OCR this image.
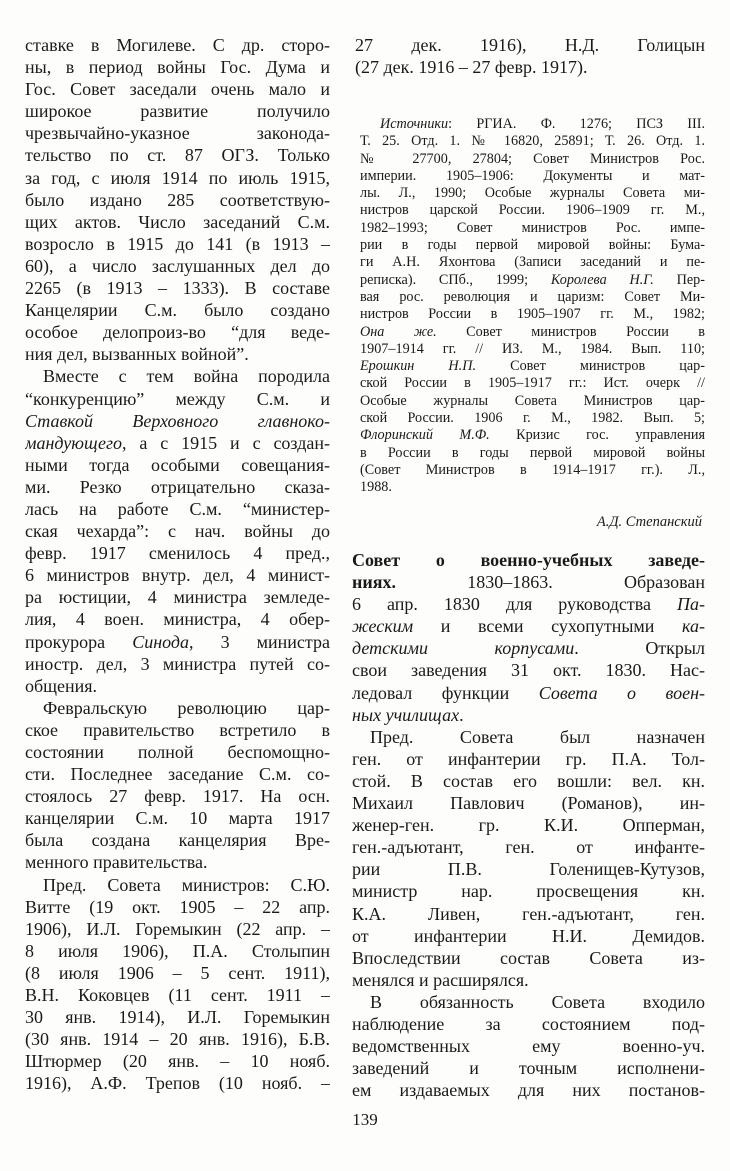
ставке в Могилеве. С др. сторо-
ны, в период войны Гос. Дума и
Гос. Совет заседали очень мало и
широкое развитие получило
чрезвычайно-указное законода-
тельство по ст. 87 ОГЗ. Только
за год, с июля 1914 по июль 1915,
было издано 285 соответствую-
щих актов. Число заседаний С.м.
возросло в 1915 до 141 (в 1913 –
60), а число заслушанных дел до
2265 (в 1913 – 1333). В составе
Канцелярии С.м. было создано
особое делопроиз-во “для веде-
ния дел, вызванных войной”.
Вместе с тем война породила
“конкуренцию” между С.м. и
Ставкой Верховного главноко-
мандующего, а с 1915 и с создан-
ными тогда особыми совещания-
ми. Резко отрицательно сказа-
лась на работе С.м. “министер-
ская чехарда”: с нач. войны до
февр. 1917 сменилось 4 пред.,
6 министров внутр. дел, 4 минист-
ра юстиции, 4 министра земледе-
лия, 4 воен. министра, 4 обер-
прокурора Синода, 3 министра
иностр. дел, 3 министра путей со-
общения.
Февральскую революцию цар-
ское правительство встретило в
состоянии полной беспомощно-
сти. Последнее заседание С.м. со-
стоялось 27 февр. 1917. На осн.
канцелярии С.м. 10 марта 1917
была создана канцелярия Вре-
менного правительства.
Пред. Совета министров: С.Ю.
Витте (19 окт. 1905 – 22 апр.
1906), И.Л. Горемыкин (22 апр. –
8 июля 1906), П.А. Столыпин
(8 июля 1906 – 5 сент. 1911),
В.Н. Коковцев (11 сент. 1911 –
30 янв. 1914), И.Л. Горемыкин
(30 янв. 1914 – 20 янв. 1916), Б.В.
Штюрмер (20 янв. – 10 нояб.
1916), А.Ф. Трепов (10 нояб. –
27 дек. 1916), Н.Д. Голицын
(27 дек. 1916 – 27 февр. 1917).
Источники: РГИА. Ф. 1276; ПСЗ III.
Т. 25. Отд. 1. № 16820, 25891; Т. 26. Отд. 1.
№ 27700, 27804; Совет Министров Рос.
империи. 1905–1906: Документы и мат-
лы. Л., 1990; Особые журналы Совета ми-
нистров царской России. 1906–1909 гг. М.,
1982–1993; Совет министров Рос. импе-
рии в годы первой мировой войны: Бума-
ги А.Н. Яхонтова (Записи заседаний и пе-
реписка). СПб., 1999; Королева Н.Г. Пер-
вая рос. революция и царизм: Совет Ми-
нистров России в 1905–1907 гг. М., 1982;
Она же. Совет министров России в
1907–1914 гг. // ИЗ. М., 1984. Вып. 110;
Ерошкин Н.П. Совет министров цар-
ской России в 1905–1917 гг.: Ист. очерк //
Особые журналы Совета Министров цар-
ской России. 1906 г. М., 1982. Вып. 5;
Флоринский М.Ф. Кризис гос. управления
в России в годы первой мировой войны
(Совет Министров в 1914–1917 гг.). Л.,
1988.
А.Д. Степанский
Совет о военно-учебных заведе-
ниях. 1830–1863. Образован
6 апр. 1830 для руководства Па-
жеским и всеми сухопутными ка-
детскими корпусами. Открыл
свои заведения 31 окт. 1830. Нас-
ледовал функции Совета о воен-
ных училищах.
Пред. Совета был назначен
ген. от инфантерии гр. П.А. Тол-
стой. В состав его вошли: вел. кн.
Михаил Павлович (Романов), ин-
женер-ген. гр. К.И. Опперман,
ген.-адъютант, ген. от инфанте-
рии П.В. Голенищев-Кутузов,
министр нар. просвещения кн.
К.А. Ливен, ген.-адъютант, ген.
от инфантерии Н.И. Демидов.
Впоследствии состав Совета из-
менялся и расширялся.
В обязанность Совета входило
наблюдение за состоянием под-
ведомственных ему военно-уч.
заведений и точным исполнени-
ем издаваемых для них постанов-
139
